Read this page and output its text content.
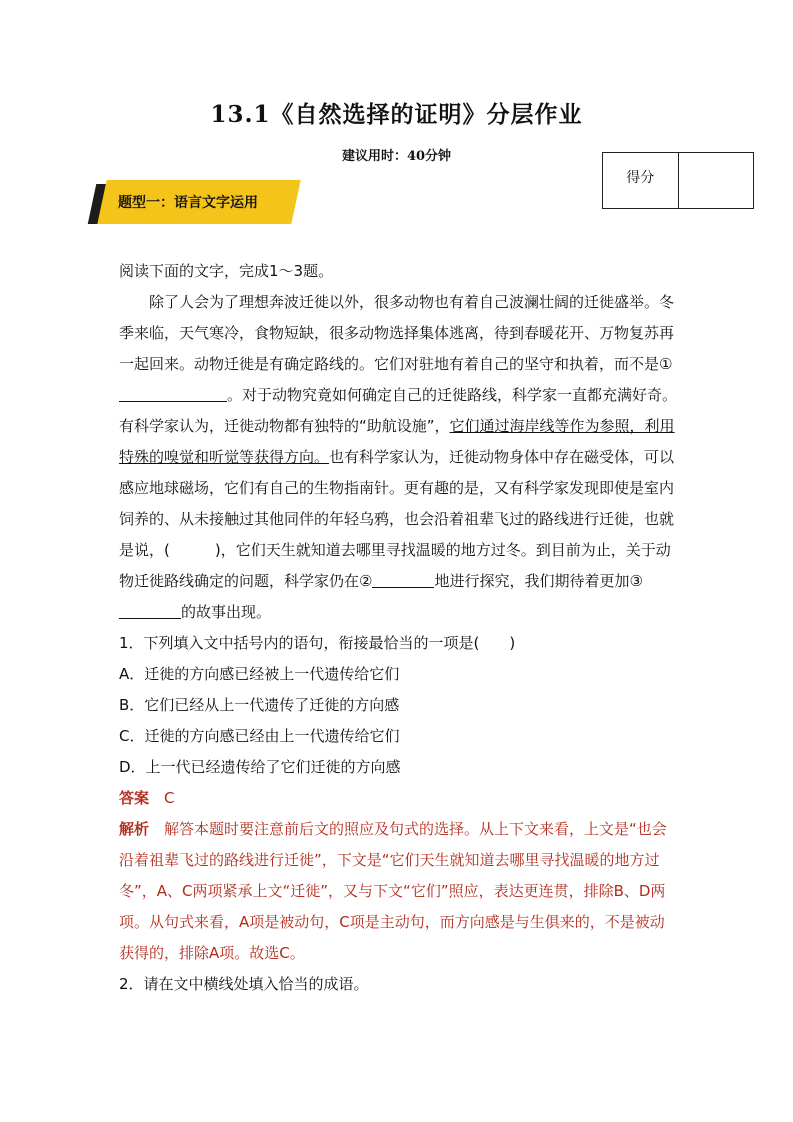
13.1《自然选择的证明》分层作业
建议用时：40分钟
得分
题型一：语言文字运用

阅读下面的文字，完成1～3题。

除了人会为了理想奔波迁徙以外，很多动物也有着自己波澜壮阔的迁徙盛举。冬季来临，天气寒冷，食物短缺，很多动物选择集体逃离，待到春暖花开、万物复苏再一起回来。动物迁徙是有确定路线的。它们对驻地有着自己的坚守和执着，而不是①。对于动物究竟如何确定自己的迁徙路线，科学家一直都充满好奇。有科学家认为，迁徙动物都有独特的“助航设施”，它们通过海岸线等作为参照，利用特殊的嗅觉和听觉等获得方向。也有科学家认为，迁徙动物身体中存在磁受体，可以感应地球磁场，它们有自己的生物指南针。更有趣的是，又有科学家发现即使是室内饲养的、从未接触过其他同伴的年轻乌鸦，也会沿着祖辈飞过的路线进行迁徙，也就是说，(　　　)，它们天生就知道去哪里寻找温暖的地方过冬。到目前为止，关于动物迁徙路线确定的问题，科学家仍在②	地进行探究，我们期待着更加③的故事出现。

1．下列填入文中括号内的语句，衔接最恰当的一项是(　　)

A．迁徙的方向感已经被上一代遗传给它们

B．它们已经从上一代遗传了迁徙的方向感

C．迁徙的方向感已经由上一代遗传给它们

D．上一代已经遗传给了它们迁徙的方向感

答案　 C

解析　 解答本题时要注意前后文的照应及句式的选择。从上下文来看，上文是“也会沿着祖辈飞过的路线进行迁徙”，下文是“它们天生就知道去哪里寻找温暖的地方过冬”，A、C两项紧承上文“迁徙”，又与下文“它们”照应，表达更连贯，排除B、D两项。从句式来看，A项是被动句，C项是主动句，而方向感是与生俱来的，不是被动获得的，排除A项。故选C。

2．请在文中横线处填入恰当的成语。
